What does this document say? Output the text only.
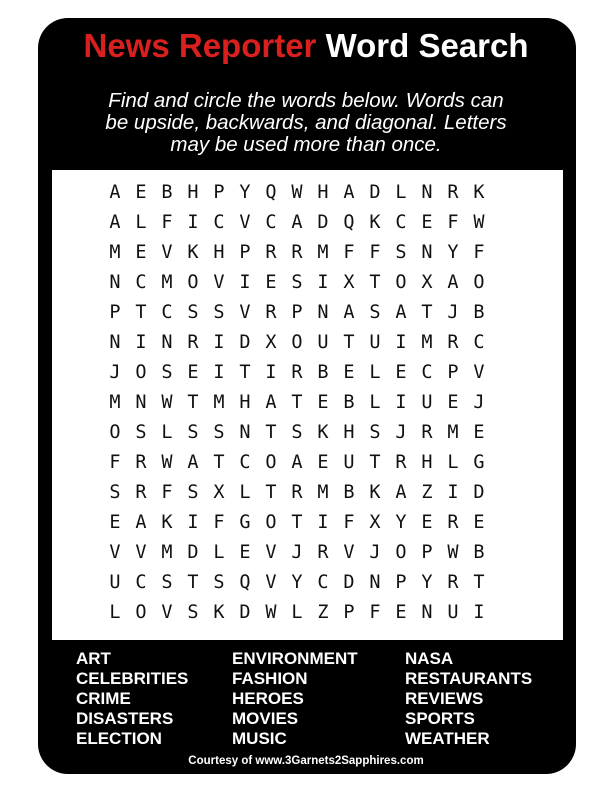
News Reporter Word Search
Find and circle the words below. Words can
be upside, backwards, and diagonal. Letters
may be used more than once.
A E B H P Y Q W H A D L N R K
A L F I C V C A D Q K C E F W
M E V K H P R R M F F S N Y F
N C M O V I E S I X T O X A O
P T C S S V R P N A S A T J B
N I N R I D X O U T U I M R C
J O S E I T I R B E L E C P V
M N W T M H A T E B L I U E J
O S L S S N T S K H S J R M E
F R W A T C O A E U T R H L G
S R F S X L T R M B K A Z I D
E A K I F G O T I F X Y E R E
V V M D L E V J R V J O P W B
U C S T S Q V Y C D N P Y R T
L O V S K D W L Z P F E N U I
ART
CELEBRITIES
CRIME
DISASTERS
ELECTION
ENVIRONMENT
FASHION
HEROES
MOVIES
MUSIC
NASA
RESTAURANTS
REVIEWS
SPORTS
WEATHER
Courtesy of www.3Garnets2Sapphires.com
